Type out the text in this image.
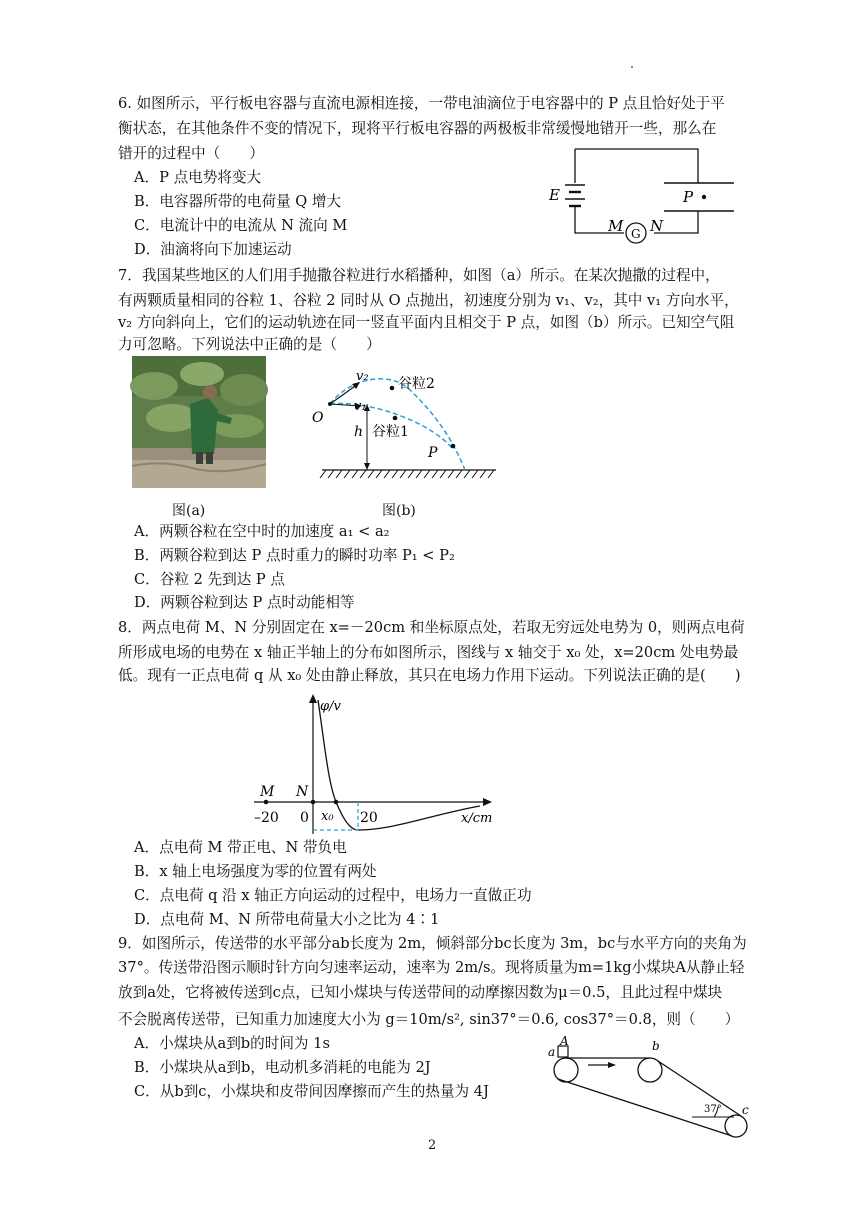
6. 如图所示，平行板电容器与直流电源相连接，一带电油滴位于电容器中的 P 点且恰好处于平
衡状态，在其他条件不变的情况下，现将平行板电容器的两极板非常缓慢地错开一些，那么在
错开的过程中（　　）
A．P 点电势将变大
B．电容器所带的电荷量 Q 增大
C．电流计中的电流从 N 流向 M
D．油滴将向下加速运动
E	P
M N
G
7．我国某些地区的人们用手抛撒谷粒进行水稻播种，如图（a）所示。在某次抛撒的过程中，
有两颗质量相同的谷粒 1、谷粒 2 同时从 O 点抛出，初速度分别为 v₁、v₂，其中 v₁ 方向水平，
v₂ 方向斜向上，它们的运动轨迹在同一竖直平面内且相交于 P 点，如图（b）所示。已知空气阻
力可忽略。下列说法中正确的是（　　）
v₂
v₁
O
h
谷粒2
谷粒1
P
图(a)	图(b)
A．两颗谷粒在空中时的加速度 a₁ < a₂
B．两颗谷粒到达 P 点时重力的瞬时功率 P₁ < P₂
C．谷粒 2 先到达 P 点
D．两颗谷粒到达 P 点时动能相等
8．两点电荷 M、N 分别固定在 x=－20cm 和坐标原点处，若取无穷远处电势为 0，则两点电荷
所形成电场的电势在 x 轴正半轴上的分布如图所示，图线与 x 轴交于 x₀ 处，x=20cm 处电势最
低。现有一正点电荷 q 从 x₀ 处由静止释放，其只在电场力作用下运动。下列说法正确的是(　　)
φ/v
x/cm
M N
–20 0 x₀ 20
A．点电荷 M 带正电、N 带负电
B．x 轴上电场强度为零的位置有两处
C．点电荷 q 沿 x 轴正方向运动的过程中，电场力一直做正功
D．点电荷 M、N 所带电荷量大小之比为 4∶1
9．如图所示，传送带的水平部分ab长度为 2m，倾斜部分bc长度为 3m，bc与水平方向的夹角为
37°。传送带沿图示顺时针方向匀速率运动，速率为 2m/s。现将质量为m=1kg小煤块A从静止轻
放到a处，它将被传送到c点，已知小煤块与传送带间的动摩擦因数为μ＝0.5，且此过程中煤块
不会脱离传送带，已知重力加速度大小为 g＝10m/s², sin37°＝0.6, cos37°＝0.8，则（　　）
A．小煤块从a到b的时间为 1s
B．小煤块从a到b，电动机多消耗的电能为 2J
C．从b到c，小煤块和皮带间因摩擦而产生的热量为 4J
A
a	b
c
37°
2
